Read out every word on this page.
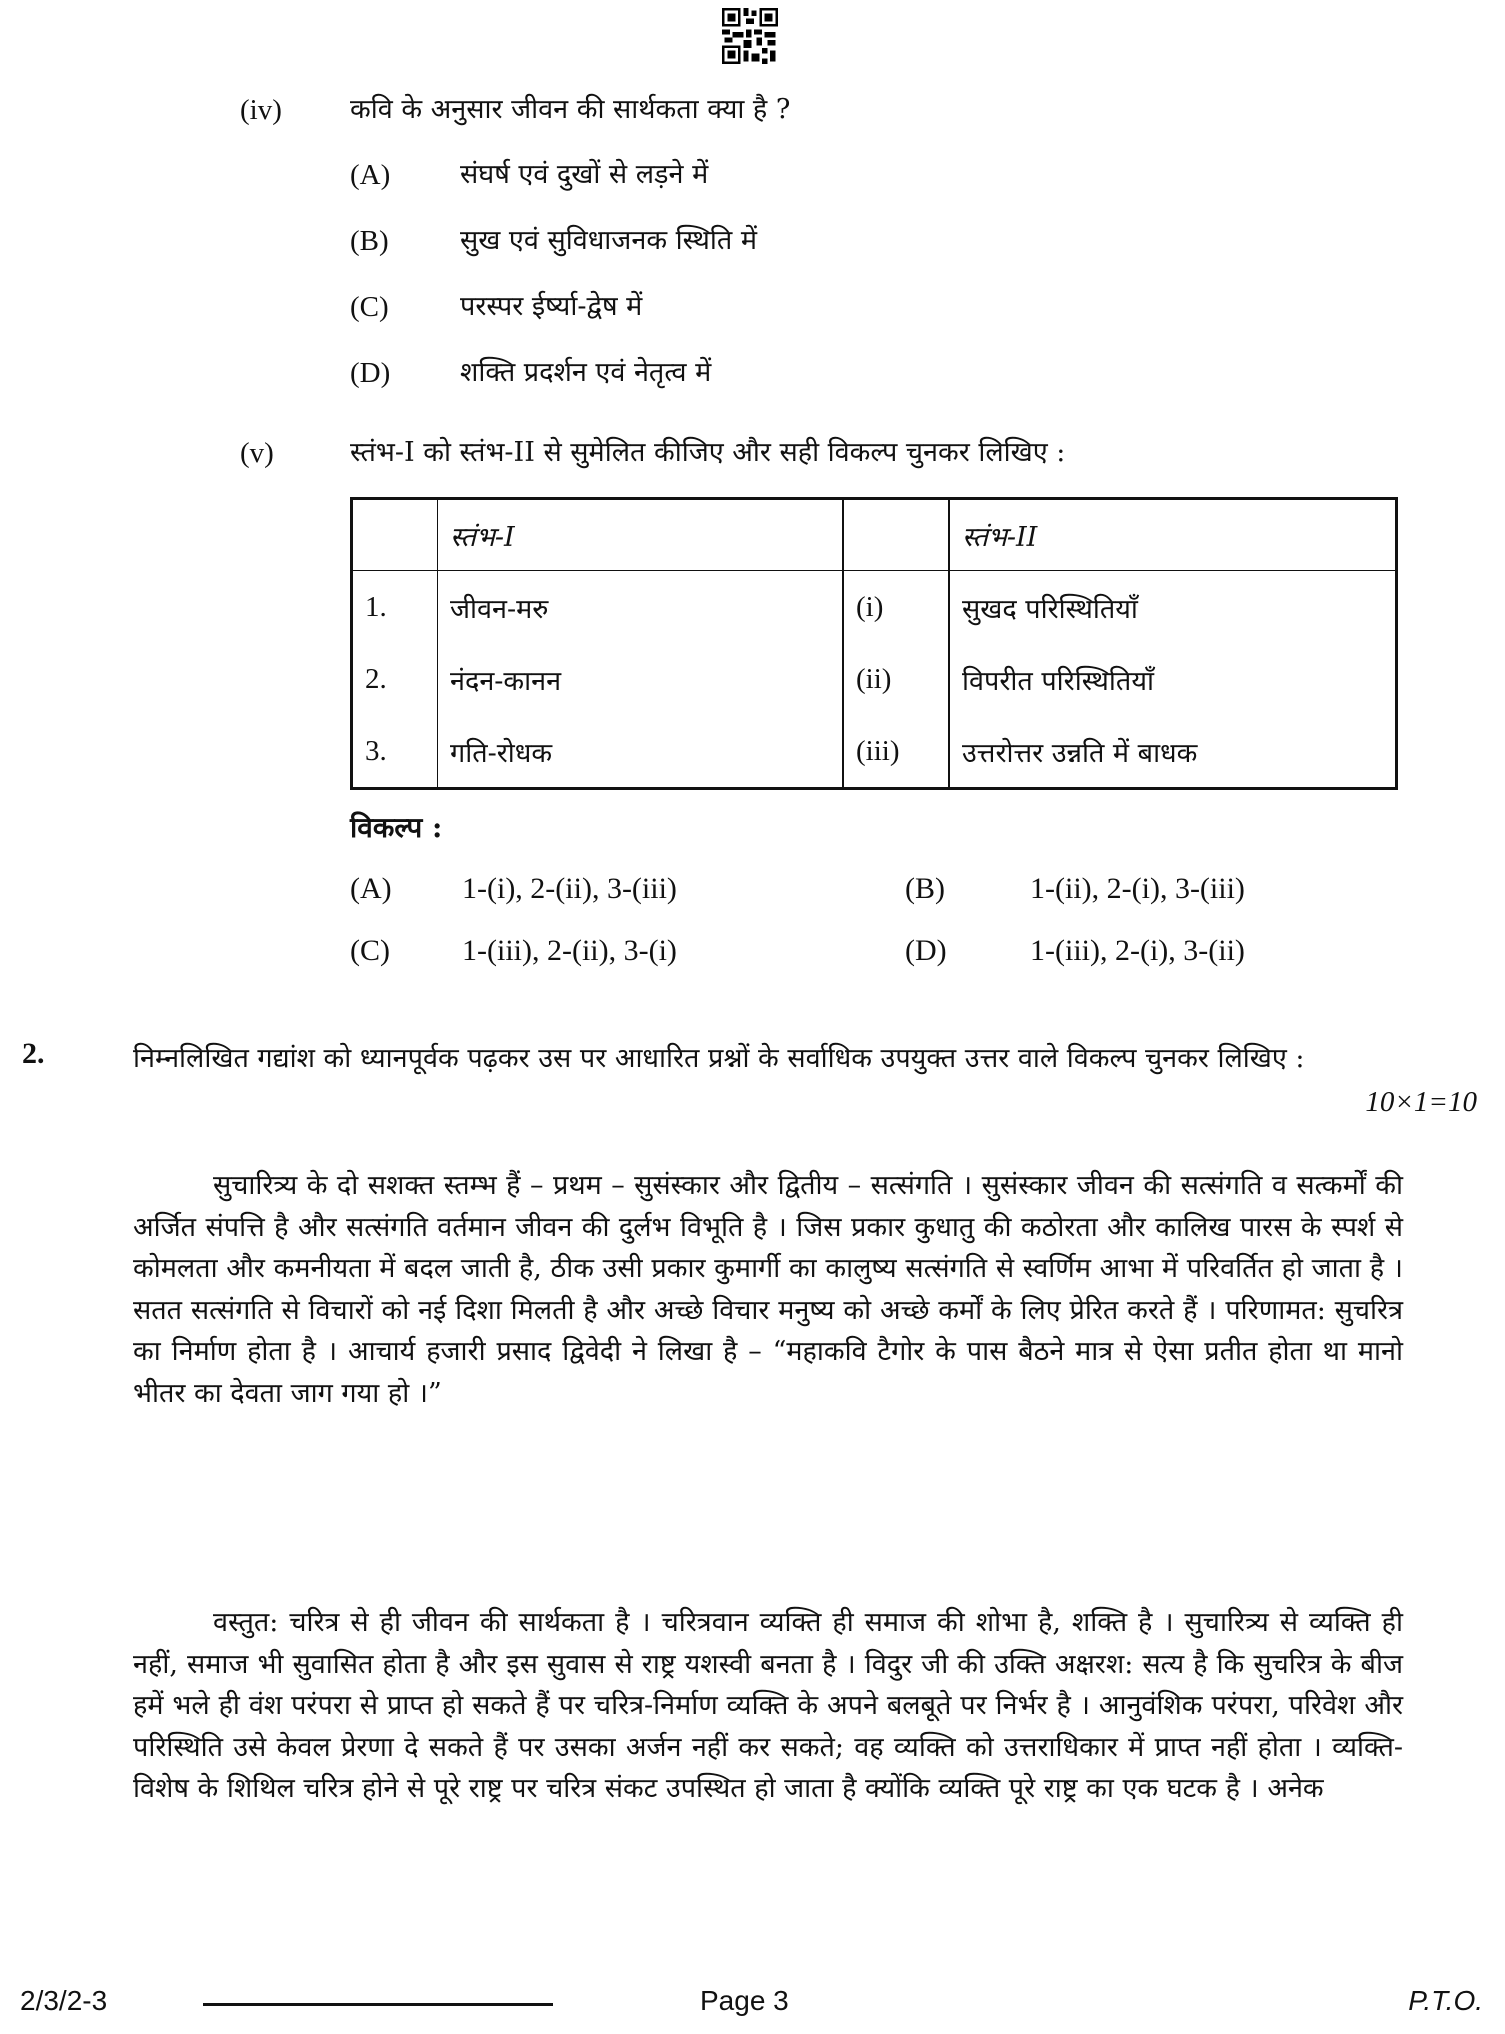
(iv)	कवि के अनुसार जीवन की सार्थकता क्या है ?
(A)	संघर्ष एवं दुखों से लड़ने में
(B)	सुख एवं सुविधाजनक स्थिति में
(C)	परस्पर ईर्ष्या-द्वेष में
(D)	शक्ति प्रदर्शन एवं नेतृत्व में
(v)	स्तंभ-I को स्तंभ-II से सुमेलित कीजिए और सही विकल्प चुनकर लिखिए :
	स्तंभ-I		स्तंभ-II
1.	जीवन-मरु	(i)	सुखद परिस्थितियाँ
2.	नंदन-कानन	(ii)	विपरीत परिस्थितियाँ
3.	गति-रोधक	(iii)	उत्तरोत्तर उन्नति में बाधक
विकल्प :
(A) 1-(i), 2-(ii), 3-(iii)	(B)	1-(ii), 2-(i), 3-(iii)
(C) 1-(iii), 2-(ii), 3-(i)	(D)	1-(iii), 2-(i), 3-(ii)
2.	निम्नलिखित गद्यांश को ध्यानपूर्वक पढ़कर उस पर आधारित प्रश्नों के सर्वाधिक उपयुक्त उत्तर वाले विकल्प चुनकर लिखिए :
10×1=10

सुचारित्र्य के दो सशक्त स्तम्भ हैं – प्रथम – सुसंस्कार और द्वितीय – सत्संगति । सुसंस्कार जीवन की सत्संगति व सत्कर्मों की अर्जित संपत्ति है और सत्संगति वर्तमान जीवन की दुर्लभ विभूति है । जिस प्रकार कुधातु की कठोरता और कालिख पारस के स्पर्श से कोमलता और कमनीयता में बदल जाती है, ठीक उसी प्रकार कुमार्गी का कालुष्य सत्संगति से स्वर्णिम आभा में परिवर्तित हो जाता है । सतत सत्संगति से विचारों को नई दिशा मिलती है और अच्छे विचार मनुष्य को अच्छे कर्मों के लिए प्रेरित करते हैं । परिणामत: सुचरित्र का निर्माण होता है । आचार्य हजारी प्रसाद द्विवेदी ने लिखा है – “महाकवि टैगोर के पास बैठने मात्र से ऐसा प्रतीत होता था मानो भीतर का देवता जाग गया हो ।”

वस्तुत: चरित्र से ही जीवन की सार्थकता है । चरित्रवान व्यक्ति ही समाज की शोभा है, शक्ति है । सुचारित्र्य से व्यक्ति ही नहीं, समाज भी सुवासित होता है और इस सुवास से राष्ट्र यशस्वी बनता है । विदुर जी की उक्ति अक्षरश: सत्य है कि सुचरित्र के बीज हमें भले ही वंश परंपरा से प्राप्त हो सकते हैं पर चरित्र-निर्माण व्यक्ति के अपने बलबूते पर निर्भर है । आनुवंशिक परंपरा, परिवेश और परिस्थिति उसे केवल प्रेरणा दे सकते हैं पर उसका अर्जन नहीं कर सकते; वह व्यक्ति को उत्तराधिकार में प्राप्त नहीं होता । व्यक्ति-विशेष के शिथिल चरित्र होने से पूरे राष्ट्र पर चरित्र संकट उपस्थित हो जाता है क्योंकि व्यक्ति पूरे राष्ट्र का एक घटक है । अनेक

2/3/2-3	Page 3	P.T.O.
